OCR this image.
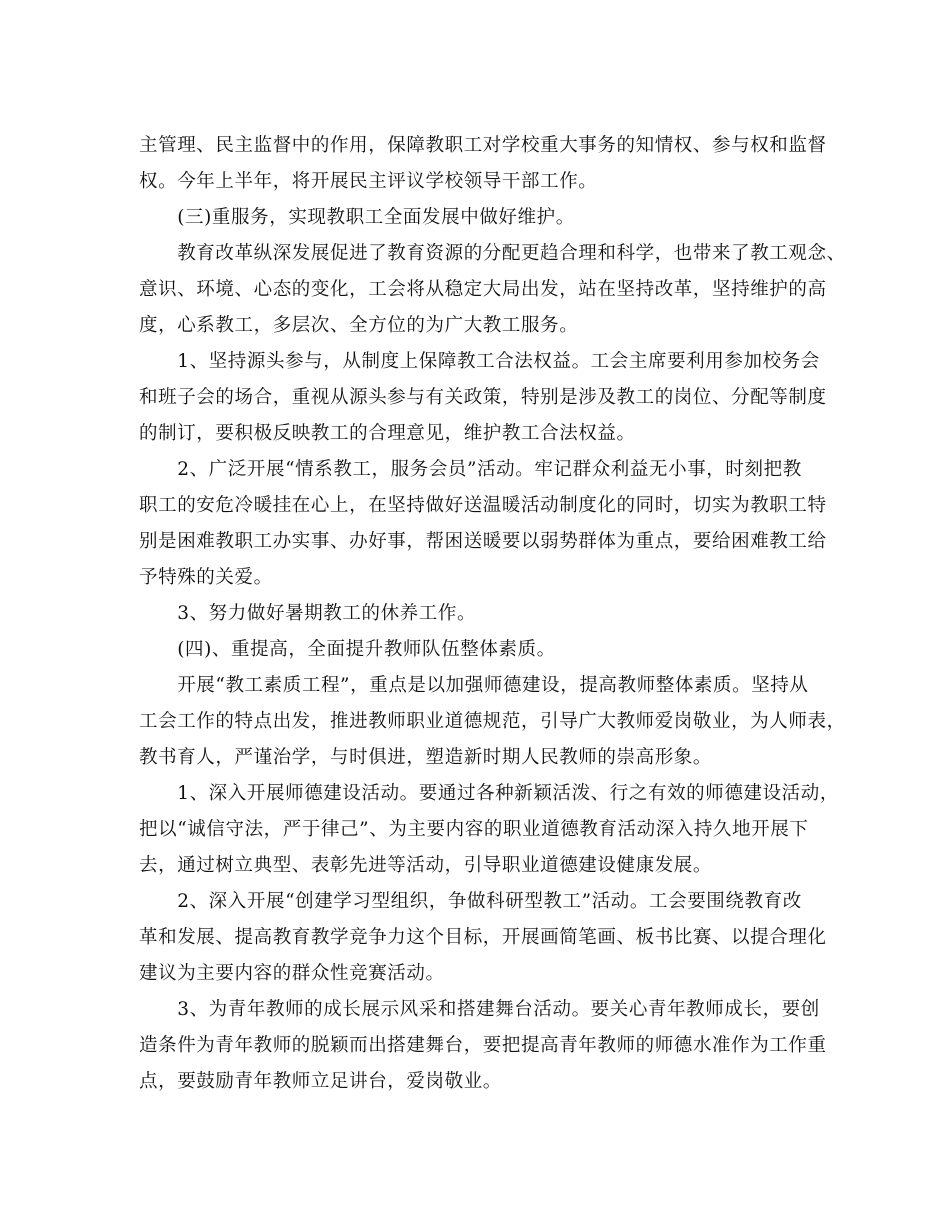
主管理、民主监督中的作用，保障教职工对学校重大事务的知情权、参与权和监督

权。今年上半年，将开展民主评议学校领导干部工作。

　　(三)重服务，实现教职工全面发展中做好维护。

　　教育改革纵深发展促进了教育资源的分配更趋合理和科学，也带来了教工观念、

意识、环境、心态的变化，工会将从稳定大局出发，站在坚持改革，坚持维护的高

度，心系教工，多层次、全方位的为广大教工服务。

　　1、坚持源头参与，从制度上保障教工合法权益。工会主席要利用参加校务会

和班子会的场合，重视从源头参与有关政策，特别是涉及教工的岗位、分配等制度

的制订，要积极反映教工的合理意见，维护教工合法权益。

　　2、广泛开展“情系教工，服务会员”活动。牢记群众利益无小事，时刻把教

职工的安危冷暖挂在心上，在坚持做好送温暖活动制度化的同时，切实为教职工特

别是困难教职工办实事、办好事，帮困送暖要以弱势群体为重点，要给困难教工给

予特殊的关爱。

　　3、努力做好暑期教工的休养工作。

　　(四)、重提高，全面提升教师队伍整体素质。

　　开展“教工素质工程”，重点是以加强师德建设，提高教师整体素质。坚持从

工会工作的特点出发，推进教师职业道德规范，引导广大教师爱岗敬业，为人师表，

教书育人，严谨治学，与时俱进，塑造新时期人民教师的崇高形象。

　　1、深入开展师德建设活动。要通过各种新颖活泼、行之有效的师德建设活动，

把以“诚信守法，严于律己”、为主要内容的职业道德教育活动深入持久地开展下

去，通过树立典型、表彰先进等活动，引导职业道德建设健康发展。

　　2、深入开展“创建学习型组织，争做科研型教工”活动。工会要围绕教育改

革和发展、提高教育教学竞争力这个目标，开展画简笔画、板书比赛、以提合理化

建议为主要内容的群众性竞赛活动。

　　3、为青年教师的成长展示风采和搭建舞台活动。要关心青年教师成长，要创

造条件为青年教师的脱颖而出搭建舞台，要把提高青年教师的师德水准作为工作重

点，要鼓励青年教师立足讲台，爱岗敬业。
